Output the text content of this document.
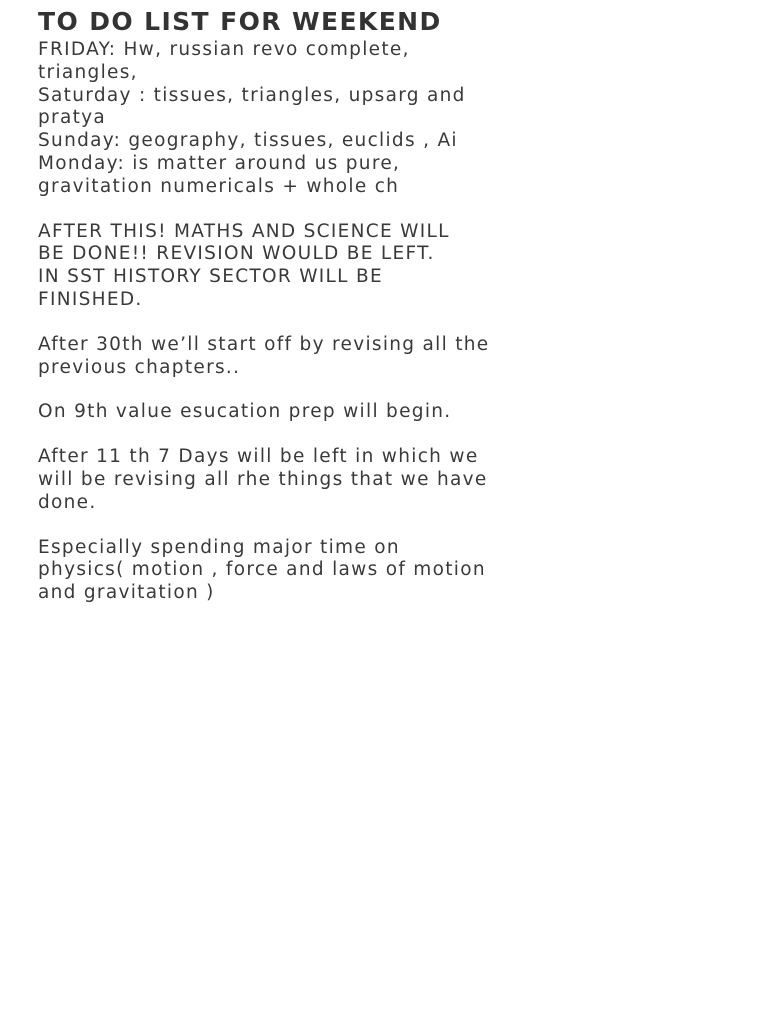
TO DO LIST FOR WEEKEND
FRIDAY: Hw, russian revo complete,
triangles,
Saturday : tissues, triangles, upsarg and
pratya
Sunday: geography, tissues, euclids , Ai
Monday: is matter around us pure,
gravitation numericals + whole ch
AFTER THIS! MATHS AND SCIENCE WILL
BE DONE!! REVISION WOULD BE LEFT.
IN SST HISTORY SECTOR WILL BE
FINISHED.
After 30th we’ll start off by revising all the
previous chapters..
On 9th value esucation prep will begin.
After 11 th 7 Days will be left in which we
will be revising all rhe things that we have
done.
Especially spending major time on
physics( motion , force and laws of motion
and gravitation )
